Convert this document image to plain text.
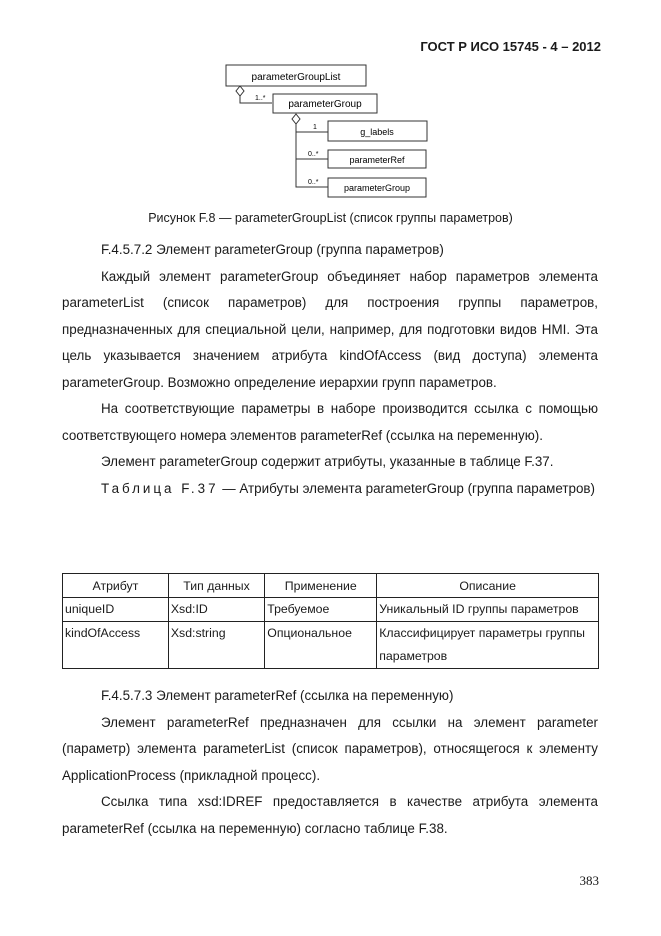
ГОСТ Р ИСО 15745 - 4 – 2012
parameterGroupList
parameterGroup
g_labels
parameterRef
parameterGroup
1..*
1
0..*
0..*
Рисунок F.8 — parameterGroupList (список группы параметров)

F.4.5.7.2 Элемент parameterGroup (группа параметров)

Каждый элемент parameterGroup объединяет набор параметров элемента parameterList (список параметров) для построения группы параметров, предназначенных для специальной цели, например, для подготовки видов HMI. Эта цель указывается значением атрибута kindOfAccess (вид доступа) элемента parameterGroup. Возможно определение иерархии групп параметров.

На соответствующие параметры в наборе производится ссылка с помощью соответствующего номера элементов parameterRef (ссылка на переменную).

Элемент parameterGroup содержит атрибуты, указанные в таблице F.37.

Таблица F.37 — Атрибуты элемента parameterGroup (группа параметров)

Атрибут	Тип данных	Применение	Описание
uniqueID	Xsd:ID	Требуемое	Уникальный ID группы параметров
kindOfAccess	Xsd:string	Опциональное	Классифицирует параметры группы параметров

F.4.5.7.3 Элемент parameterRef (ссылка на переменную)

Элемент parameterRef предназначен для ссылки на элемент parameter (параметр) элемента parameterList (список параметров), относящегося к элементу ApplicationProcess (прикладной процесс).

Ссылка типа xsd:IDREF предоставляется в качестве атрибута элемента parameterRef (ссылка на переменную) согласно таблице F.38.

383
